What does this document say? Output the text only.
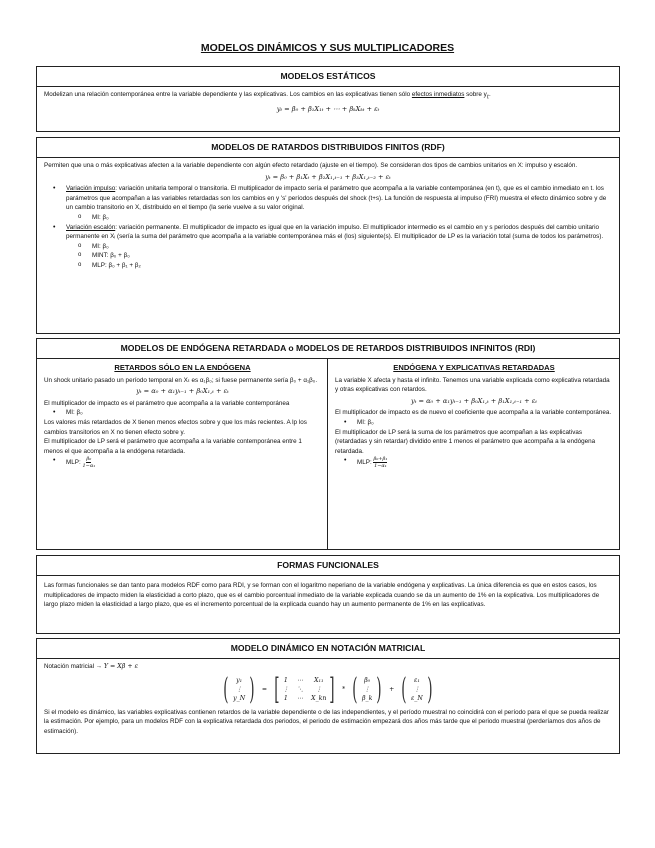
MODELOS DINÁMICOS Y SUS MULTIPLICADORES
MODELOS ESTÁTICOS
Modelizan una relación contemporánea entre la variable dependiente y las explicativas. Los cambios en las explicativas tienen sólo efectos inmediatos sobre $y_t$.
yₜ = β₀ + β₁X₁ₜ + ⋯ + βₖXₖₜ + εₜ
MODELOS DE RATARDOS DISTRIBUIDOS FINITOS (RDF)
Permiten que una o más explicativas afecten a la variable dependiente con algún efecto retardado (ajuste en el tiempo). Se consideran dos tipos de cambios unitarios en X: impulso y escalón.
yₜ = β₀ + β₁Xₜ + β₂X₁,ₜ₋₁ + β₃X₁,ₜ₋₂ + εₜ
• Variación impulso: variación unitaria temporal o transitoria. El multiplicador de impacto sería el parámetro que acompaña a la variable contemporánea (en t), que es el cambio inmediato en t. los parámetros que acompañan a las variables retardadas son los cambios en y 's' períodos después del shock (t+s). La función de respuesta al impulso (FRI) muestra el efecto dinámico sobre y de un cambio transitorio en X, distribuido en el tiempo (la serie vuelve a su valor original.
o MI: β₀
• Variación escalón: variación permanente. El multiplicador de impacto es igual que en la variación impulso. El multiplicador intermedio es el cambio en y s períodos después del cambio unitario permanente en Xᵢ (sería la suma del parámetro que acompaña a la variable contemporánea más el (los) siguiente(s). El multiplicador de LP es la variación total (suma de todos los parámetros).
o MI: β₀
o MINT: β₀ + β₀
o MLP: β₀ + β₁ + β₂
MODELOS DE ENDÓGENA RETARDADA o MODELOS DE RETARDOS DISTRIBUIDOS INFINITOS (RDI)
RETARDOS SÓLO EN LA ENDÓGENA
Un shock unitario pasado un período temporal en Xₜ es α₁β₀; si fuese permanente sería β₀ + α₁β₀.
yₜ = α₀ + α₁yₜ₋₁ + β₀X₁,ₜ + εₜ
El multiplicador de impacto es el parámetro que acompaña a la variable contemporánea
• MI: β₀
Los valores más retardados de X tienen menos efectos sobre y que los más recientes. A lp los cambios transitorios en X no tienen efecto sobre y.
El multiplicador de LP será el parámetro que acompaña a la variable contemporánea entre 1 menos el que acompaña a la endógena retardada.
• MLP: $\frac{\text{β₀}}{\text{1−α₁}}$
ENDÓGENA Y EXPLICATIVAS RETARDADAS
La variable X afecta y hasta el infinito. Tenemos una variable explicada como explicativa retardada y otras explicativas con retardos.
yₜ = α₀ + α₁yₜ₋₁ + β₀X₁,ₜ + β₁X₁,ₜ₋₁ + εₜ
El multiplicador de impacto es de nuevo el coeficiente que acompaña a la variable contemporánea.
• MI: β₀
El multiplicador de LP será la suma de los parámetros que acompañan a las explicativas (retardadas y sin retardar) dividido entre 1 menos el parámetro que acompaña a la endógena retardada.
• MLP: $\frac{\text{β₀+β₁}}{\text{1−α₁}}$
FORMAS FUNCIONALES
Las formas funcionales se dan tanto para modelos RDF como para RDI, y se forman con el logaritmo neperiano de la variable endógena y explicativas. La única diferencia es que en estos casos, los multiplicadores de impacto miden la elasticidad a corto plazo, que es el cambio porcentual inmediato de la variable explicada cuando se da un aumento de 1% en la explicativa. Los multiplicadores de largo plazo miden la elasticidad a largo plazo, que es el incremento porcentual de la explicada cuando hay un aumento permanente de 1% en las explicativas.
MODELO DINÁMICO EN NOTACIÓN MATRICIAL
Notación matricial → Y = Xβ + ε
( y₁
⋮
y_N ) = [ 1 ⋯	X₁₁
⋮ ⋱	⋮
1 ⋯ X_kn ] * ( β₀
⋮
β_k ) + ( ε₁
⋮
ε_N )
Si el modelo es dinámico, las variables explicativas contienen retardos de la variable dependiente o de las independientes, y el período muestral no coincidirá con el período para el que se pueda realizar la estimación. Por ejemplo, para un modelos RDF con la explicativa retardada dos periodos, el periodo de estimación empezará dos años más tarde que el periodo muestral (perderíamos dos años de estimación).
